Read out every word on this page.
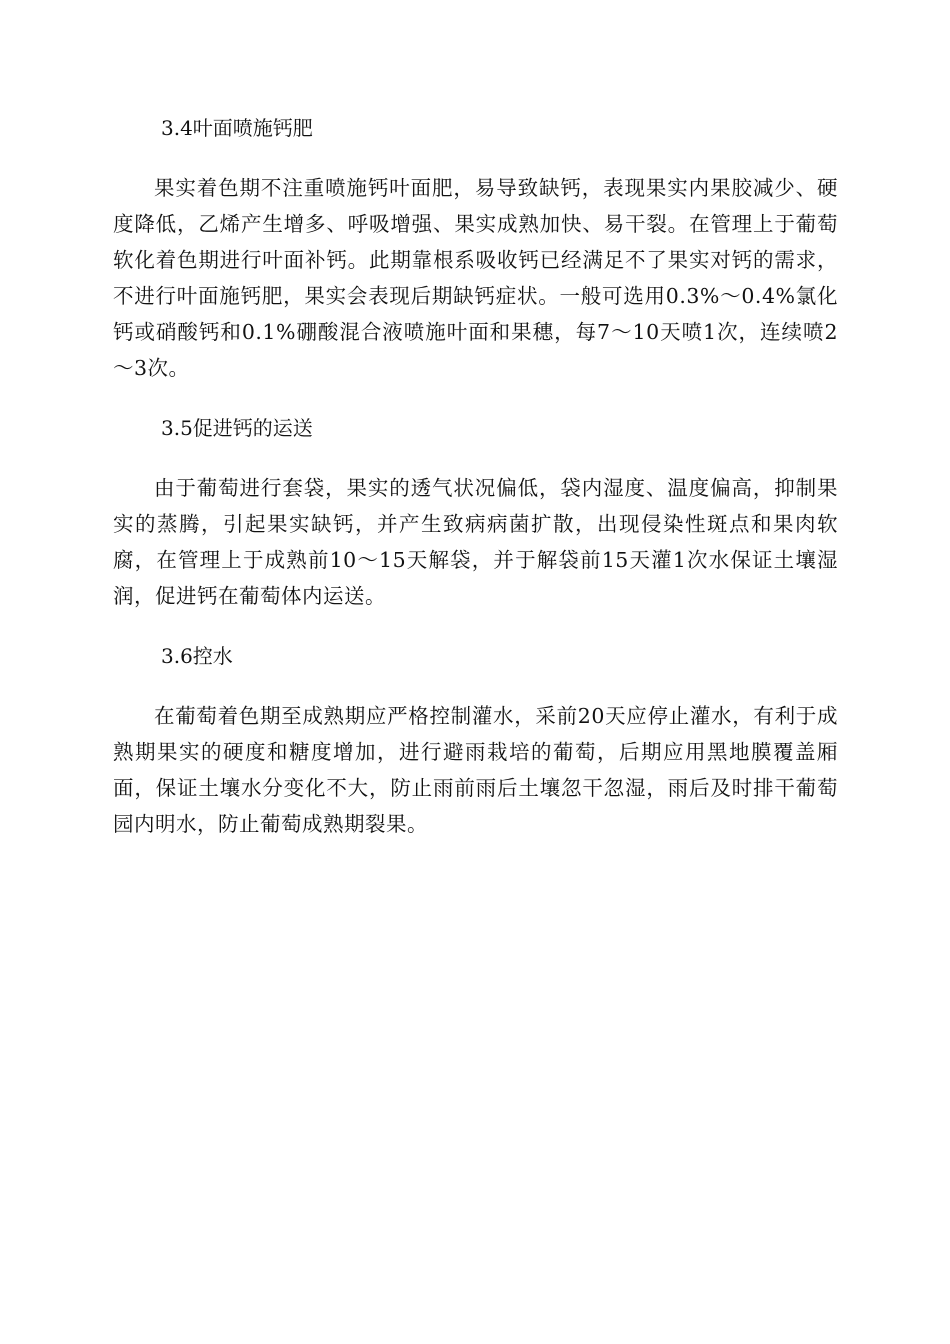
3.4叶面喷施钙肥

果实着色期不注重喷施钙叶面肥，易导致缺钙，表现果实内果胶减少、硬度降低，乙烯产生增多、呼吸增强、果实成熟加快、易干裂。在管理上于葡萄软化着色期进行叶面补钙。此期靠根系吸收钙已经满足不了果实对钙的需求，不进行叶面施钙肥，果实会表现后期缺钙症状。一般可选用0.3%～0.4%氯化钙或硝酸钙和0.1%硼酸混合液喷施叶面和果穗，每7～10天喷1次，连续喷2～3次。

3.5促进钙的运送

由于葡萄进行套袋，果实的透气状况偏低，袋内湿度、温度偏高，抑制果实的蒸腾，引起果实缺钙，并产生致病病菌扩散，出现侵染性斑点和果肉软腐，在管理上于成熟前10～15天解袋，并于解袋前15天灌1次水保证土壤湿润，促进钙在葡萄体内运送。

3.6控水

在葡萄着色期至成熟期应严格控制灌水，采前20天应停止灌水，有利于成熟期果实的硬度和糖度增加，进行避雨栽培的葡萄，后期应用黑地膜覆盖厢面，保证土壤水分变化不大，防止雨前雨后土壤忽干忽湿，雨后及时排干葡萄园内明水，防止葡萄成熟期裂果。
